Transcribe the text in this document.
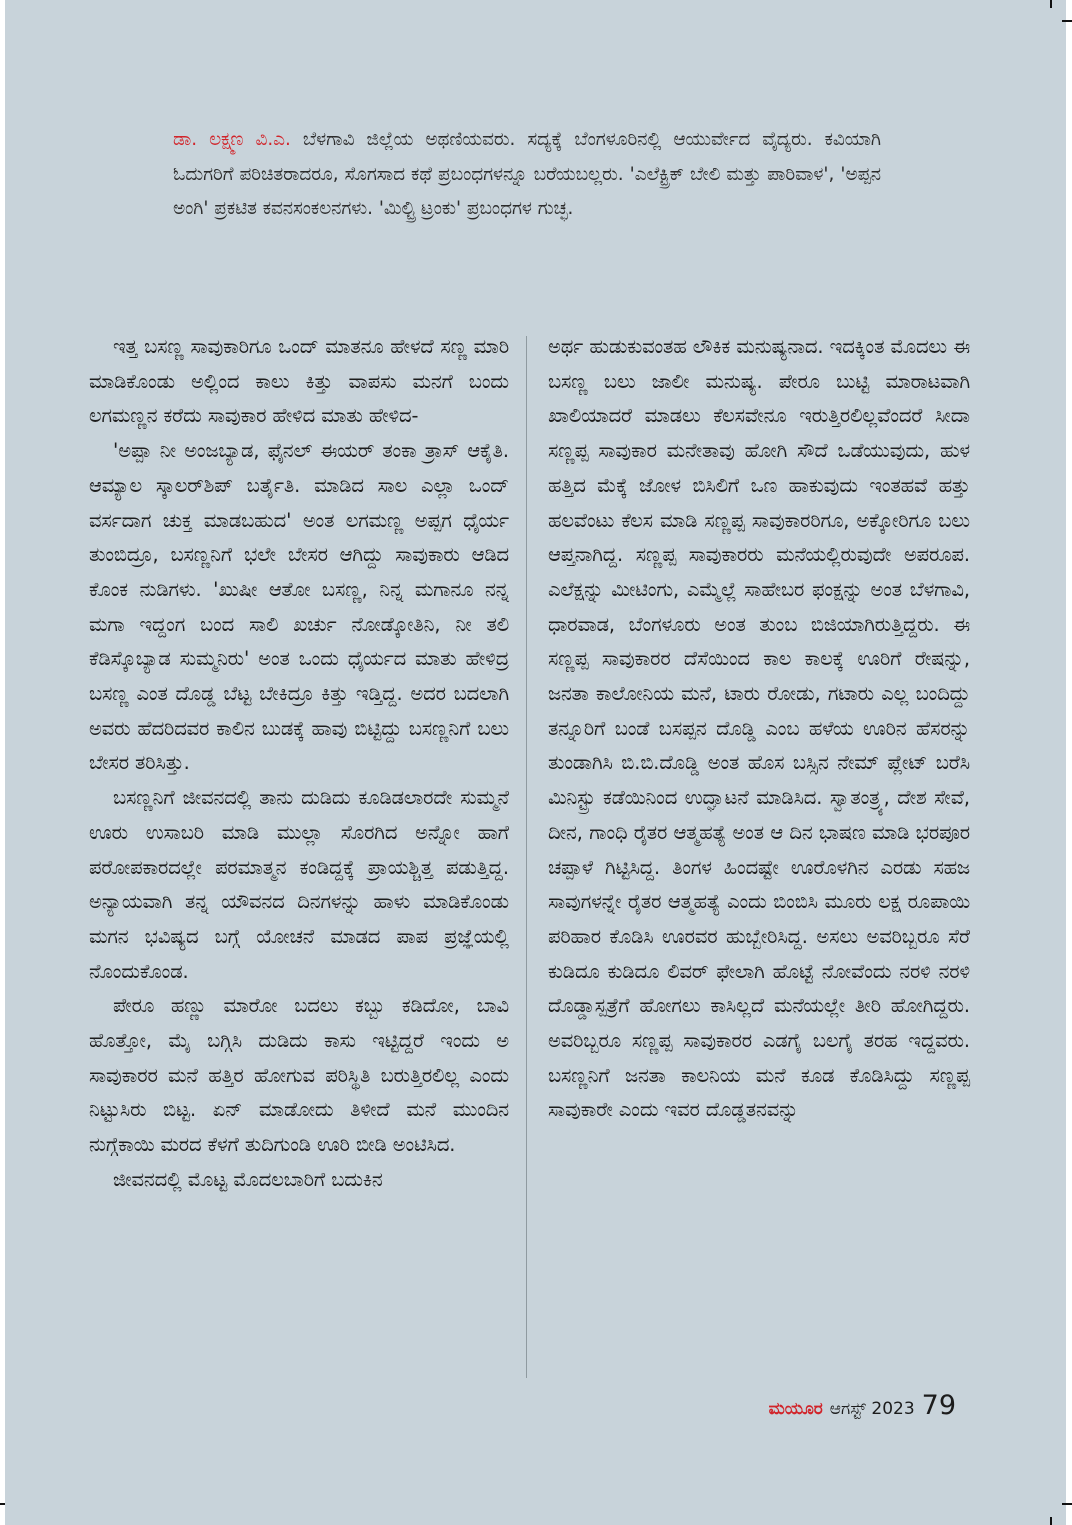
ಡಾ. ಲಕ್ಷ್ಮಣ ವಿ.ಎ. ಬೆಳಗಾವಿ ಜಿಲ್ಲೆಯ ಅಥಣಿಯವರು. ಸದ್ಯಕ್ಕೆ ಬೆಂಗಳೂರಿನಲ್ಲಿ ಆಯುರ್ವೇದ ವೈದ್ಯರು. ಕವಿಯಾಗಿ ಓದುಗರಿಗೆ ಪರಿಚಿತರಾದರೂ, ಸೊಗಸಾದ ಕಥೆ ಪ್ರಬಂಧಗಳನ್ನೂ ಬರೆಯಬಲ್ಲರು. 'ಎಲೆಕ್ಟ್ರಿಕ್ ಬೇಲಿ ಮತ್ತು ಪಾರಿವಾಳ', 'ಅಪ್ಪನ ಅಂಗಿ' ಪ್ರಕಟಿತ ಕವನಸಂಕಲನಗಳು. 'ಮಿಲ್ಟ್ರಿ ಟ್ರಂಕು' ಪ್ರಬಂಧಗಳ ಗುಚ್ಛ.

ಇತ್ತ ಬಸಣ್ಣ ಸಾವುಕಾರಿಗೂ ಒಂದ್ ಮಾತನೂ ಹೇಳದೆ ಸಣ್ಣ ಮಾರಿ ಮಾಡಿಕೊಂಡು ಅಲ್ಲಿಂದ ಕಾಲು ಕಿತ್ತು ವಾಪಸು ಮನಗೆ ಬಂದು ಲಗಮಣ್ಣನ ಕರೆದು ಸಾವುಕಾರ ಹೇಳಿದ ಮಾತು ಹೇಳಿದ-

'ಅಪ್ಪಾ ನೀ ಅಂಜಬ್ಯಾಡ, ಫೈನಲ್ ಈಯರ್ ತಂಕಾ ತ್ರಾಸ್ ಆಕೈತಿ. ಆಮ್ಯಾಲ ಸ್ಕಾಲರ್‌ಶಿಪ್ ಬರ್ತೈತಿ. ಮಾಡಿದ ಸಾಲ ಎಲ್ಲಾ ಒಂದ್ ವರ್ಸದಾಗ ಚುಕ್ತ ಮಾಡಬಹುದ' ಅಂತ ಲಗಮಣ್ಣ ಅಪ್ಪಗ ಧೈರ್ಯ ತುಂಬಿದ್ರೂ, ಬಸಣ್ಣನಿಗೆ ಭಲೇ ಬೇಸರ ಆಗಿದ್ದು ಸಾವುಕಾರು ಆಡಿದ ಕೊಂಕ ನುಡಿಗಳು. 'ಖುಷೀ ಆತೋ ಬಸಣ್ಣ, ನಿನ್ನ ಮಗಾನೂ ನನ್ನ ಮಗಾ ಇದ್ದಂಗ ಬಂದ ಸಾಲಿ ಖರ್ಚು ನೋಡ್ಕೋತಿನಿ, ನೀ ತಲಿ ಕೆಡಿಸ್ಕೊಬ್ಯಾಡ ಸುಮ್ಮನಿರು' ಅಂತ ಒಂದು ಧೈರ್ಯದ ಮಾತು ಹೇಳಿದ್ರ ಬಸಣ್ಣ ಎಂತ ದೊಡ್ಡ ಬೆಟ್ಟ ಬೇಕಿದ್ರೂ ಕಿತ್ತು ಇಡ್ತಿದ್ದ. ಅದರ ಬದಲಾಗಿ ಅವರು ಹೆದರಿದವರ ಕಾಲಿನ ಬುಡಕ್ಕೆ ಹಾವು ಬಿಟ್ಟಿದ್ದು ಬಸಣ್ಣನಿಗೆ ಬಲು ಬೇಸರ ತರಿಸಿತ್ತು.

ಬಸಣ್ಣನಿಗೆ ಜೀವನದಲ್ಲಿ ತಾನು ದುಡಿದು ಕೂಡಿಡಲಾರದೇ ಸುಮ್ಮನೆ ಊರು ಉಸಾಬರಿ ಮಾಡಿ ಮುಲ್ಲಾ ಸೊರಗಿದ ಅನ್ನೋ ಹಾಗೆ ಪರೋಪಕಾರದಲ್ಲೇ ಪರಮಾತ್ಮನ ಕಂಡಿದ್ದಕ್ಕೆ ಪ್ರಾಯಶ್ಚಿತ್ತ ಪಡುತ್ತಿದ್ದ. ಅನ್ಯಾಯವಾಗಿ ತನ್ನ ಯೌವನದ ದಿನಗಳನ್ನು ಹಾಳು ಮಾಡಿಕೊಂಡು ಮಗನ ಭವಿಷ್ಯದ ಬಗ್ಗೆ ಯೋಚನೆ ಮಾಡದ ಪಾಪ ಪ್ರಜ್ಞೆಯಲ್ಲಿ ನೊಂದುಕೊಂಡ.

ಪೇರೂ ಹಣ್ಣು ಮಾರೋ ಬದಲು ಕಬ್ಬು ಕಡಿದೋ, ಬಾವಿ ಹೊತ್ತೋ, ಮೈ ಬಗ್ಗಿಸಿ ದುಡಿದು ಕಾಸು ಇಟ್ಟಿದ್ದರೆ ಇಂದು ಅ ಸಾವುಕಾರರ ಮನೆ ಹತ್ತಿರ ಹೋಗುವ ಪರಿಸ್ಥಿತಿ ಬರುತ್ತಿರಲಿಲ್ಲ ಎಂದು ನಿಟ್ಟುಸಿರು ಬಿಟ್ಟ. ಏನ್ ಮಾಡೋದು ತಿಳೀದೆ ಮನೆ ಮುಂದಿನ ನುಗ್ಗೆಕಾಯಿ ಮರದ ಕೆಳಗೆ ತುದಿಗುಂಡಿ ಊರಿ ಬೀಡಿ ಅಂಟಿಸಿದ.

ಜೀವನದಲ್ಲಿ ಮೊಟ್ಟ ಮೊದಲಬಾರಿಗೆ ಬದುಕಿನ

ಅರ್ಥ ಹುಡುಕುವಂತಹ ಲೌಕಿಕ ಮನುಷ್ಯನಾದ. ಇದಕ್ಕಿಂತ ಮೊದಲು ಈ ಬಸಣ್ಣ ಬಲು ಜಾಲೀ ಮನುಷ್ಯ. ಪೇರೂ ಬುಟ್ಟಿ ಮಾರಾಟವಾಗಿ ಖಾಲಿಯಾದರೆ ಮಾಡಲು ಕೆಲಸವೇನೂ ಇರುತ್ತಿರಲಿಲ್ಲವೆಂದರೆ ಸೀದಾ ಸಣ್ಣಪ್ಪ ಸಾವುಕಾರ ಮನೇತಾವು ಹೋಗಿ ಸೌದೆ ಒಡೆಯುವುದು, ಹುಳ ಹತ್ತಿದ ಮೆಕ್ಕೆ ಜೋಳ ಬಿಸಿಲಿಗೆ ಒಣ ಹಾಕುವುದು ಇಂತಹವೆ ಹತ್ತು ಹಲವೆಂಟು ಕೆಲಸ ಮಾಡಿ ಸಣ್ಣಪ್ಪ ಸಾವುಕಾರರಿಗೂ, ಅಕ್ಕೋರಿಗೂ ಬಲು ಆಪ್ತನಾಗಿದ್ದ. ಸಣ್ಣಪ್ಪ ಸಾವುಕಾರರು ಮನೆಯಲ್ಲಿರುವುದೇ ಅಪರೂಪ. ಎಲೆಕ್ಷನ್ನು ಮೀಟಿಂಗು, ಎಮ್ಮೆಲ್ಲೆ ಸಾಹೇಬರ ಫಂಕ್ಷನ್ನು ಅಂತ ಬೆಳಗಾವಿ, ಧಾರವಾಡ, ಬೆಂಗಳೂರು ಅಂತ ತುಂಬ ಬಿಜಿಯಾಗಿರುತ್ತಿದ್ದರು. ಈ ಸಣ್ಣಪ್ಪ ಸಾವುಕಾರರ ದೆಸೆಯಿಂದ ಕಾಲ ಕಾಲಕ್ಕೆ ಊರಿಗೆ ರೇಷನ್ನು, ಜನತಾ ಕಾಲೋನಿಯ ಮನೆ, ಟಾರು ರೋಡು, ಗಟಾರು ಎಲ್ಲ ಬಂದಿದ್ದು ತನ್ನೂರಿಗೆ ಬಂಡೆ ಬಸಪ್ಪನ ದೊಡ್ಡಿ ಎಂಬ ಹಳೆಯ ಊರಿನ ಹೆಸರನ್ನು ತುಂಡಾಗಿಸಿ ಬಿ.ಬಿ.ದೊಡ್ಡಿ ಅಂತ ಹೊಸ ಬಸ್ಸಿನ ನೇಮ್ ಪ್ಲೇಟ್ ಬರೆಸಿ ಮಿನಿಸ್ಟ್ರು ಕಡೆಯಿನಿಂದ ಉದ್ಘಾಟನೆ ಮಾಡಿಸಿದ. ಸ್ವಾತಂತ್ರ್ಯ, ದೇಶ ಸೇವೆ, ದೀನ, ಗಾಂಧಿ ರೈತರ ಆತ್ಮಹತ್ಯೆ ಅಂತ ಆ ದಿನ ಭಾಷಣ ಮಾಡಿ ಭರಪೂರ ಚಪ್ಪಾಳೆ ಗಿಟ್ಟಿಸಿದ್ದ. ತಿಂಗಳ ಹಿಂದಷ್ಟೇ ಊರೊಳಗಿನ ಎರಡು ಸಹಜ ಸಾವುಗಳನ್ನೇ ರೈತರ ಆತ್ಮಹತ್ಯೆ ಎಂದು ಬಿಂಬಿಸಿ ಮೂರು ಲಕ್ಷ ರೂಪಾಯಿ ಪರಿಹಾರ ಕೊಡಿಸಿ ಊರವರ ಹುಬ್ಬೇರಿಸಿದ್ದ. ಅಸಲು ಅವರಿಬ್ಬರೂ ಸೆರೆ ಕುಡಿದೂ ಕುಡಿದೂ ಲಿವರ್ ಫೇಲಾಗಿ ಹೊಟ್ಟೆ ನೋವೆಂದು ನರಳಿ ನರಳಿ ದೊಡ್ಡಾಸ್ಪತ್ರೆಗೆ ಹೋಗಲು ಕಾಸಿಲ್ಲದೆ ಮನೆಯಲ್ಲೇ ತೀರಿ ಹೋಗಿದ್ದರು. ಅವರಿಬ್ಬರೂ ಸಣ್ಣಪ್ಪ ಸಾವುಕಾರರ ಎಡಗೈ ಬಲಗೈ ತರಹ ಇದ್ದವರು. ಬಸಣ್ಣನಿಗೆ ಜನತಾ ಕಾಲನಿಯ ಮನೆ ಕೂಡ ಕೊಡಿಸಿದ್ದು ಸಣ್ಣಪ್ಪ ಸಾವುಕಾರೇ ಎಂದು ಇವರ ದೊಡ್ಡತನವನ್ನು

ಮಯೂರ ಆಗಸ್ಟ್ 2023 79
